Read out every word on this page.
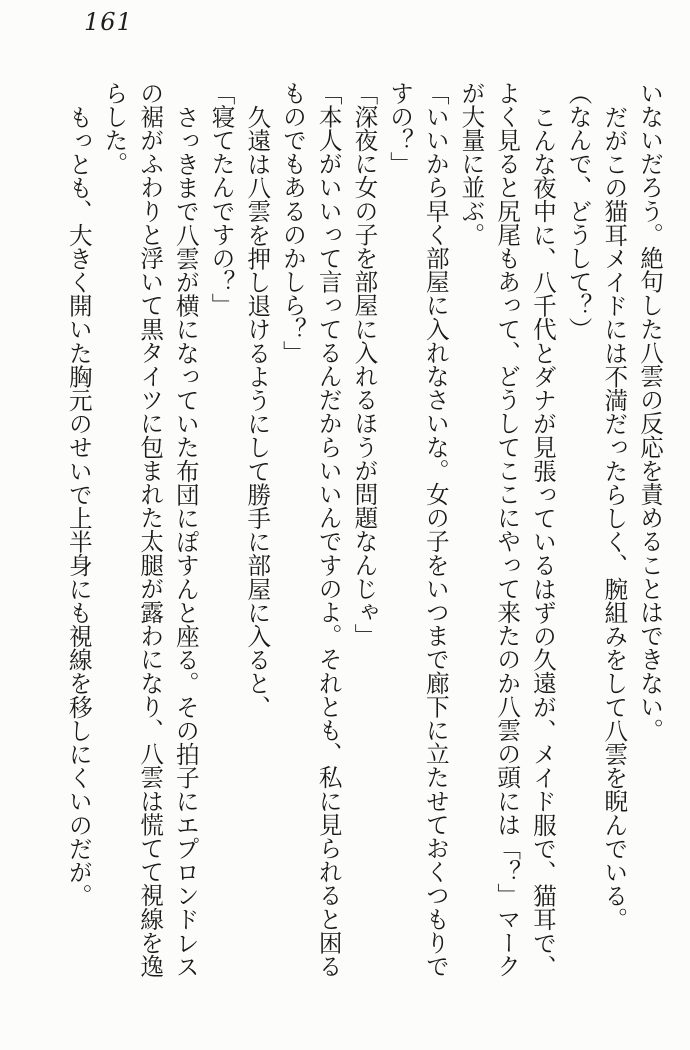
161

いないだろう。絶句した八雲の反応を責めることはできない。

だがこの猫耳メイドには不満だったらしく、腕組みをして八雲を睨んでいる。

（なんで、どうして？）

こんな夜中に、八千代とダナが見張っているはずの久遠が、メイド服で、猫耳で、よく見ると尻尾もあって、どうしてここにやって来たのか八雲の頭には「？」マークが大量に並ぶ。

「いいから早く部屋に入れなさいな。女の子をいつまで廊下に立たせておくつもりですの？」

「深夜に女の子を部屋に入れるほうが問題なんじゃ」

「本人がいいって言ってるんだからいいんですのよ。それとも、私に見られると困るものでもあるのかしら？」

久遠は八雲を押し退けるようにして勝手に部屋に入ると、

「寝てたんですの？」

さっきまで八雲が横になっていた布団にぽすんと座る。その拍子にエプロンドレスの裾がふわりと浮いて黒タイツに包まれた太腿が露わになり、八雲は慌てて視線を逸らした。

もっとも、大きく開いた胸元のせいで上半身にも視線を移しにくいのだが。
